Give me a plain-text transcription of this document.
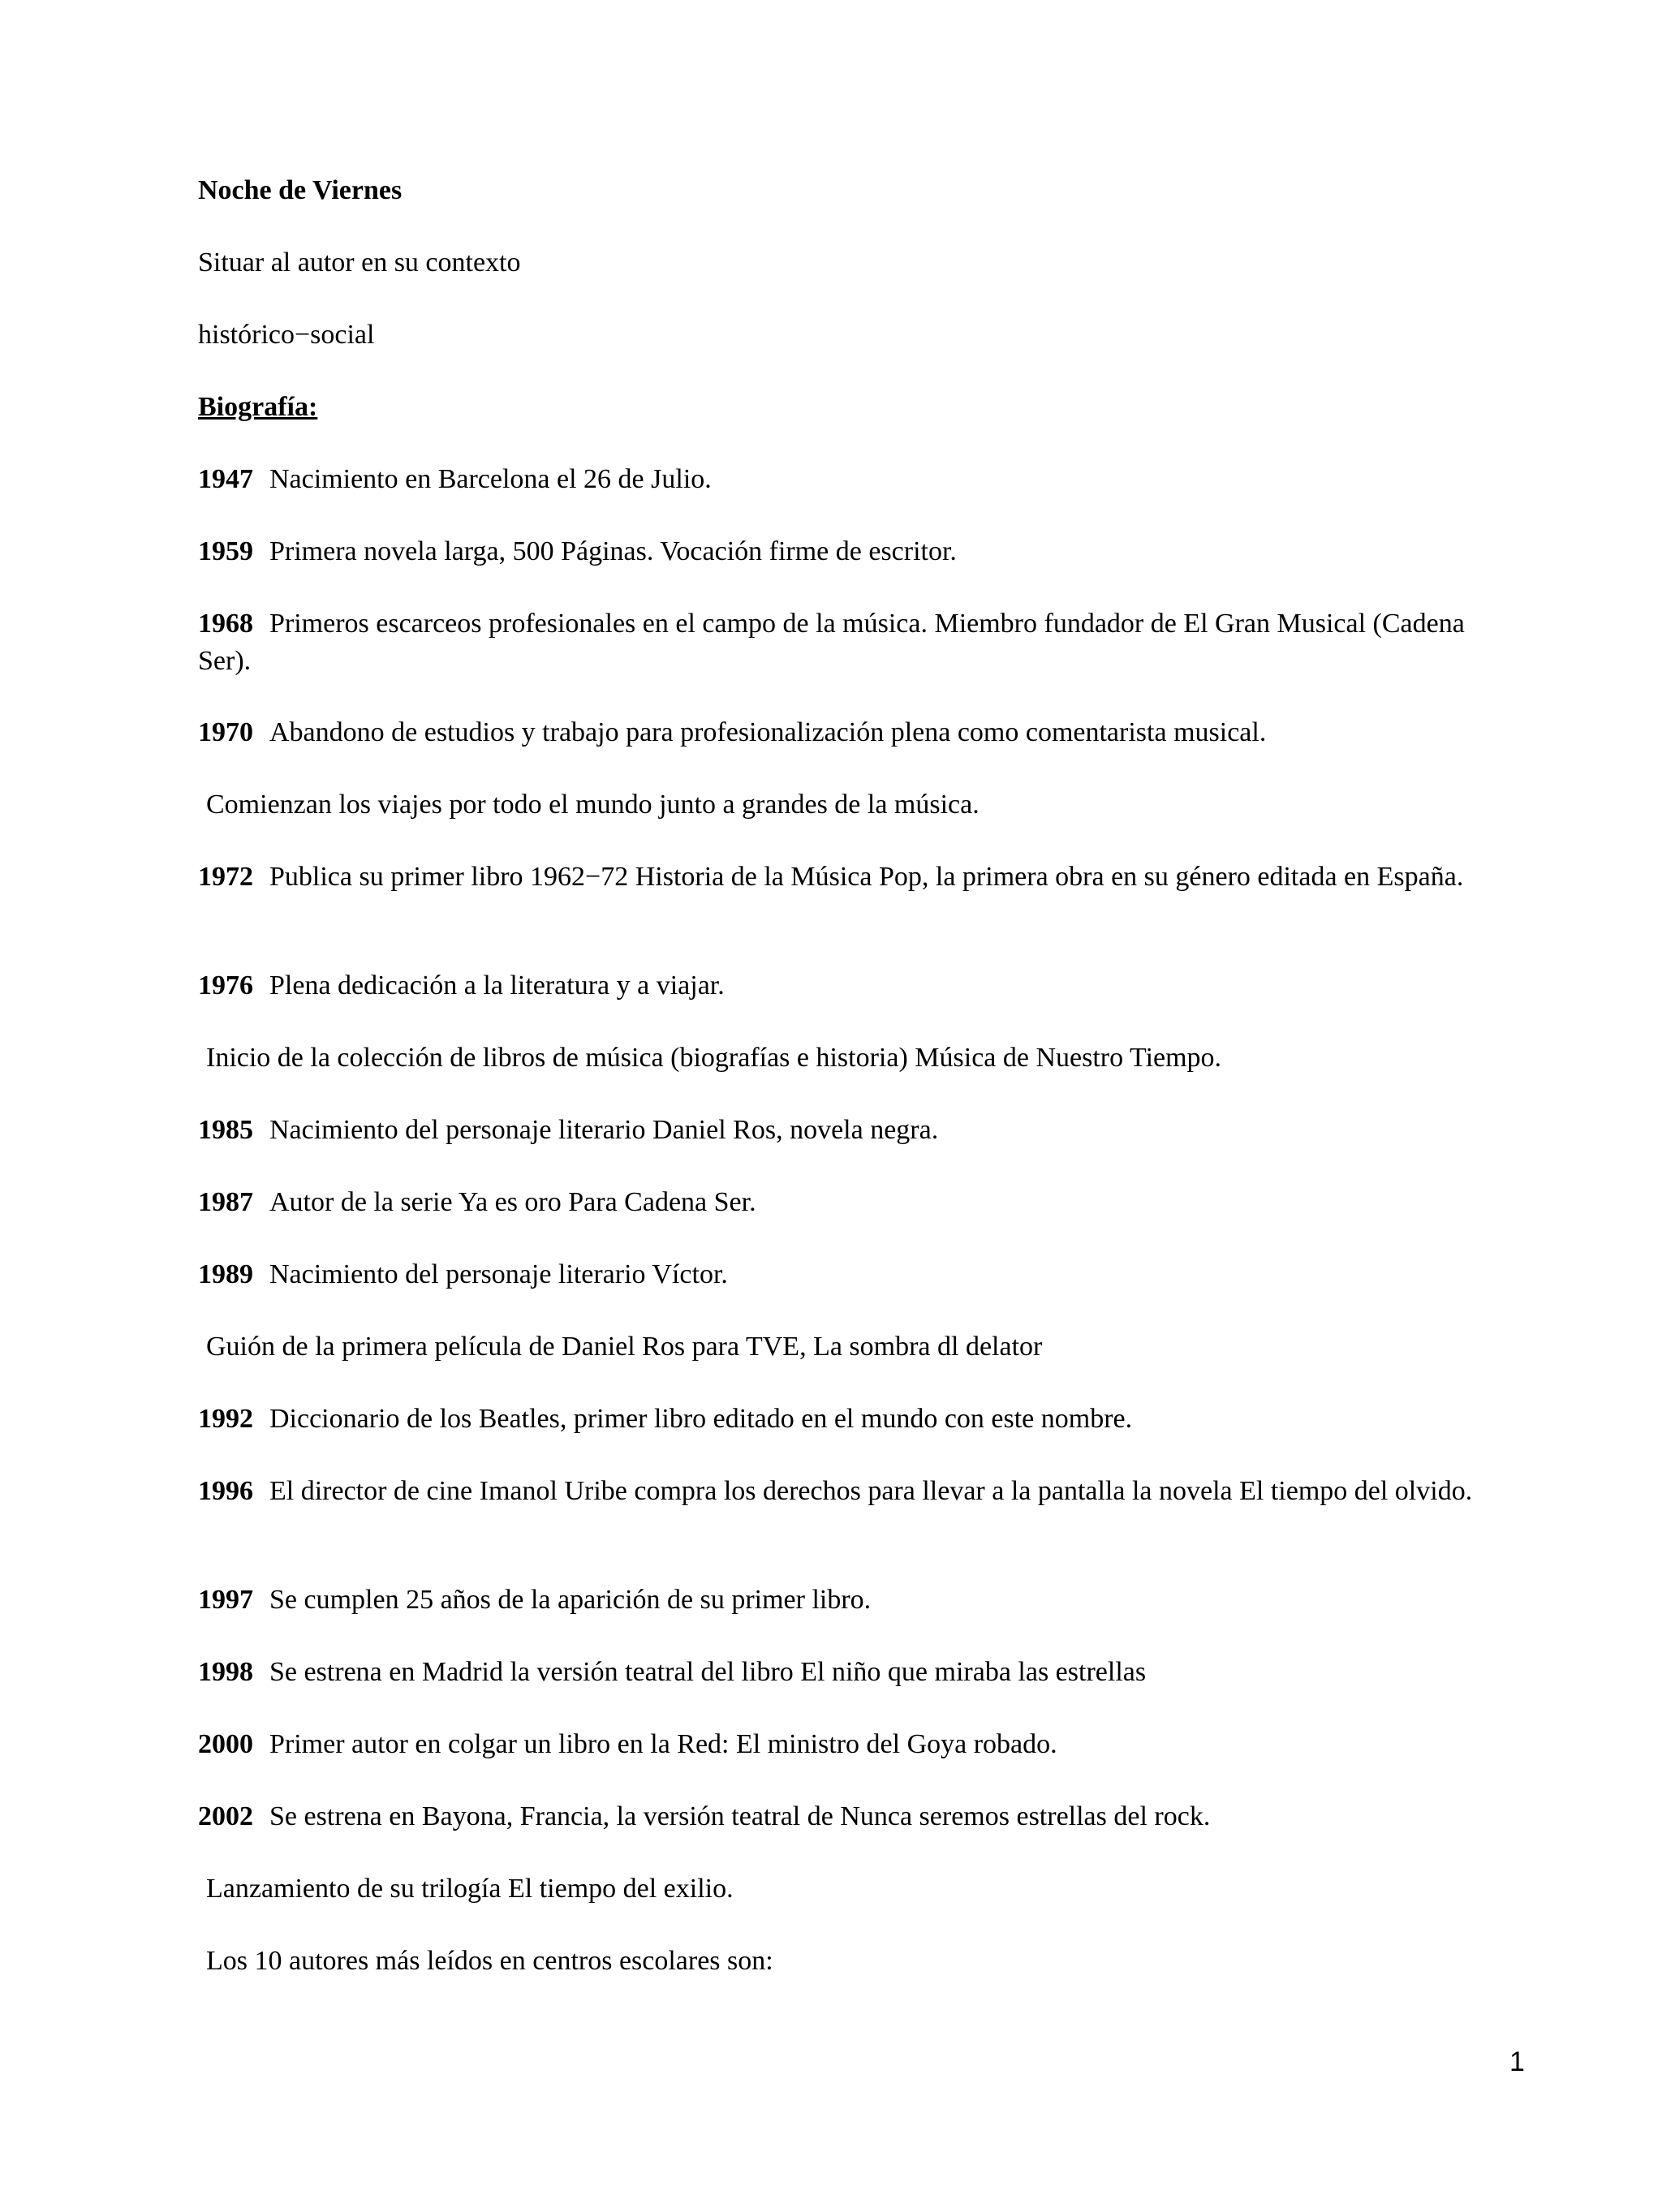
Noche de Viernes
Situar al autor en su contexto
histórico−social
Biografía:
1947 Nacimiento en Barcelona el 26 de Julio.
1959 Primera novela larga, 500 Páginas. Vocación firme de escritor.
1968 Primeros escarceos profesionales en el campo de la música. Miembro fundador de El Gran Musical (Cadena Ser).
1970 Abandono de estudios y trabajo para profesionalización plena como comentarista musical.
Comienzan los viajes por todo el mundo junto a grandes de la música.
1972 Publica su primer libro 1962−72 Historia de la Música Pop, la primera obra en su género editada en España.
1976 Plena dedicación a la literatura y a viajar.
Inicio de la colección de libros de música (biografías e historia) Música de Nuestro Tiempo.
1985 Nacimiento del personaje literario Daniel Ros, novela negra.
1987 Autor de la serie Ya es oro Para Cadena Ser.
1989 Nacimiento del personaje literario Víctor.
Guión de la primera película de Daniel Ros para TVE, La sombra dl delator
1992 Diccionario de los Beatles, primer libro editado en el mundo con este nombre.
1996 El director de cine Imanol Uribe compra los derechos para llevar a la pantalla la novela El tiempo del olvido.
1997 Se cumplen 25 años de la aparición de su primer libro.
1998 Se estrena en Madrid la versión teatral del libro El niño que miraba las estrellas
2000 Primer autor en colgar un libro en la Red: El ministro del Goya robado.
2002 Se estrena en Bayona, Francia, la versión teatral de Nunca seremos estrellas del rock.
Lanzamiento de su trilogía El tiempo del exilio.
Los 10 autores más leídos en centros escolares son:
1
